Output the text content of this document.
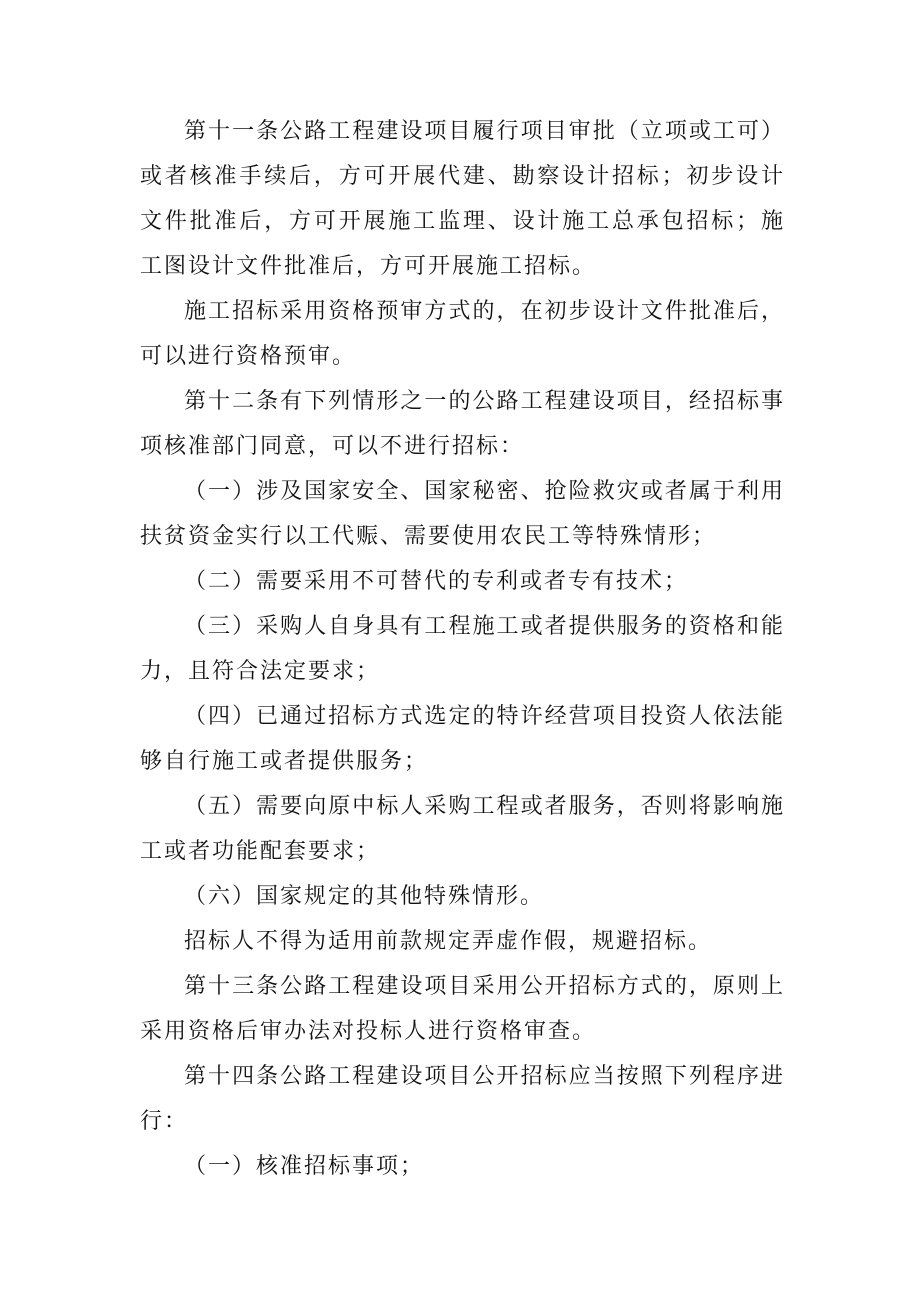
第十一条公路工程建设项目履行项目审批（立项或工可）或者核准手续后，方可开展代建、勘察设计招标；初步设计文件批准后，方可开展施工监理、设计施工总承包招标；施工图设计文件批准后，方可开展施工招标。

施工招标采用资格预审方式的，在初步设计文件批准后，可以进行资格预审。

第十二条有下列情形之一的公路工程建设项目，经招标事项核准部门同意，可以不进行招标：

（一）涉及国家安全、国家秘密、抢险救灾或者属于利用扶贫资金实行以工代赈、需要使用农民工等特殊情形；

（二）需要采用不可替代的专利或者专有技术；

（三）采购人自身具有工程施工或者提供服务的资格和能力，且符合法定要求；

（四）已通过招标方式选定的特许经营项目投资人依法能够自行施工或者提供服务；

（五）需要向原中标人采购工程或者服务，否则将影响施工或者功能配套要求；

（六）国家规定的其他特殊情形。

招标人不得为适用前款规定弄虚作假，规避招标。

第十三条公路工程建设项目采用公开招标方式的，原则上采用资格后审办法对投标人进行资格审查。

第十四条公路工程建设项目公开招标应当按照下列程序进行：

（一）核准招标事项；
